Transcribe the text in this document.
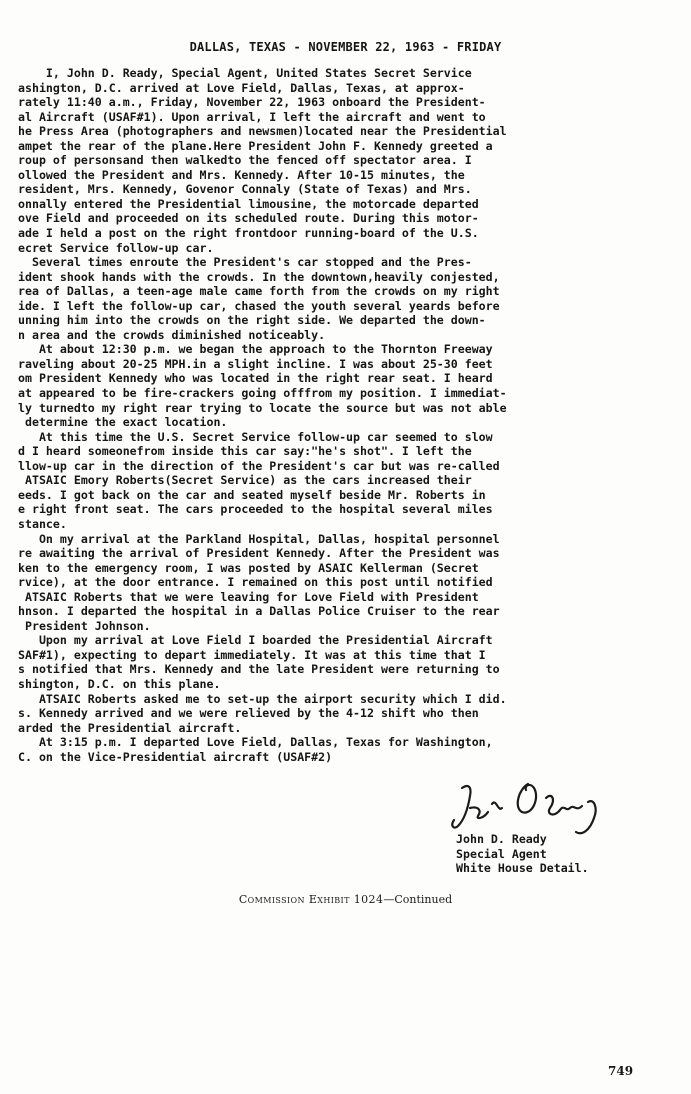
DALLAS, TEXAS - NOVEMBER 22, 1963 - FRIDAY
I, John D. Ready, Special Agent, United States Secret Service
ashington, D.C. arrived at Love Field, Dallas, Texas, at approx-
rately 11:40 a.m., Friday, November 22, 1963 onboard the President-
al Aircraft (USAF#1). Upon arrival, I left the aircraft and went to
he Press Area (photographers and newsmen)located near the Presidential
ampet the rear of the plane.Here President John F. Kennedy greeted a
roup of personsand then walkedto the fenced off spectator area. I
ollowed the President and Mrs. Kennedy. After 10-15 minutes, the
resident, Mrs. Kennedy, Govenor Connaly (State of Texas) and Mrs.
onnally entered the Presidential limousine, the motorcade departed
ove Field and proceeded on its scheduled route. During this motor-
ade I held a post on the right frontdoor running-board of the U.S.
ecret Service follow-up car.
Several times enroute the President's car stopped and the Pres-
ident shook hands with the crowds. In the downtown,heavily conjested,
rea of Dallas, a teen-age male came forth from the crowds on my right
ide. I left the follow-up car, chased the youth several yeards before
unning him into the crowds on the right side. We departed the down-
n area and the crowds diminished noticeably.
At about 12:30 p.m. we began the approach to the Thornton Freeway
raveling about 20-25 MPH.in a slight incline. I was about 25-30 feet
om President Kennedy who was located in the right rear seat. I heard
at appeared to be fire-crackers going offfrom my position. I immediat-
ly turnedto my right rear trying to locate the source but was not able
determine the exact location.
At this time the U.S. Secret Service follow-up car seemed to slow
d I heard someonefrom inside this car say:"he's shot". I left the
llow-up car in the direction of the President's car but was re-called
ATSAIC Emory Roberts(Secret Service) as the cars increased their
eeds. I got back on the car and seated myself beside Mr. Roberts in
e right front seat. The cars proceeded to the hospital several miles
stance.
On my arrival at the Parkland Hospital, Dallas, hospital personnel
re awaiting the arrival of President Kennedy. After the President was
ken to the emergency room, I was posted by ASAIC Kellerman (Secret
rvice), at the door entrance. I remained on this post until notified
ATSAIC Roberts that we were leaving for Love Field with President
hnson. I departed the hospital in a Dallas Police Cruiser to the rear
President Johnson.
Upon my arrival at Love Field I boarded the Presidential Aircraft
SAF#1), expecting to depart immediately. It was at this time that I
s notified that Mrs. Kennedy and the late President were returning to
shington, D.C. on this plane.
ATSAIC Roberts asked me to set-up the airport security which I did.
s. Kennedy arrived and we were relieved by the 4-12 shift who then
arded the Presidential aircraft.
At 3:15 p.m. I departed Love Field, Dallas, Texas for Washington,
C. on the Vice-Presidential aircraft (USAF#2)
John D. Ready
Special Agent
White House Detail.
Commission Exhibit 1024—Continued
749
